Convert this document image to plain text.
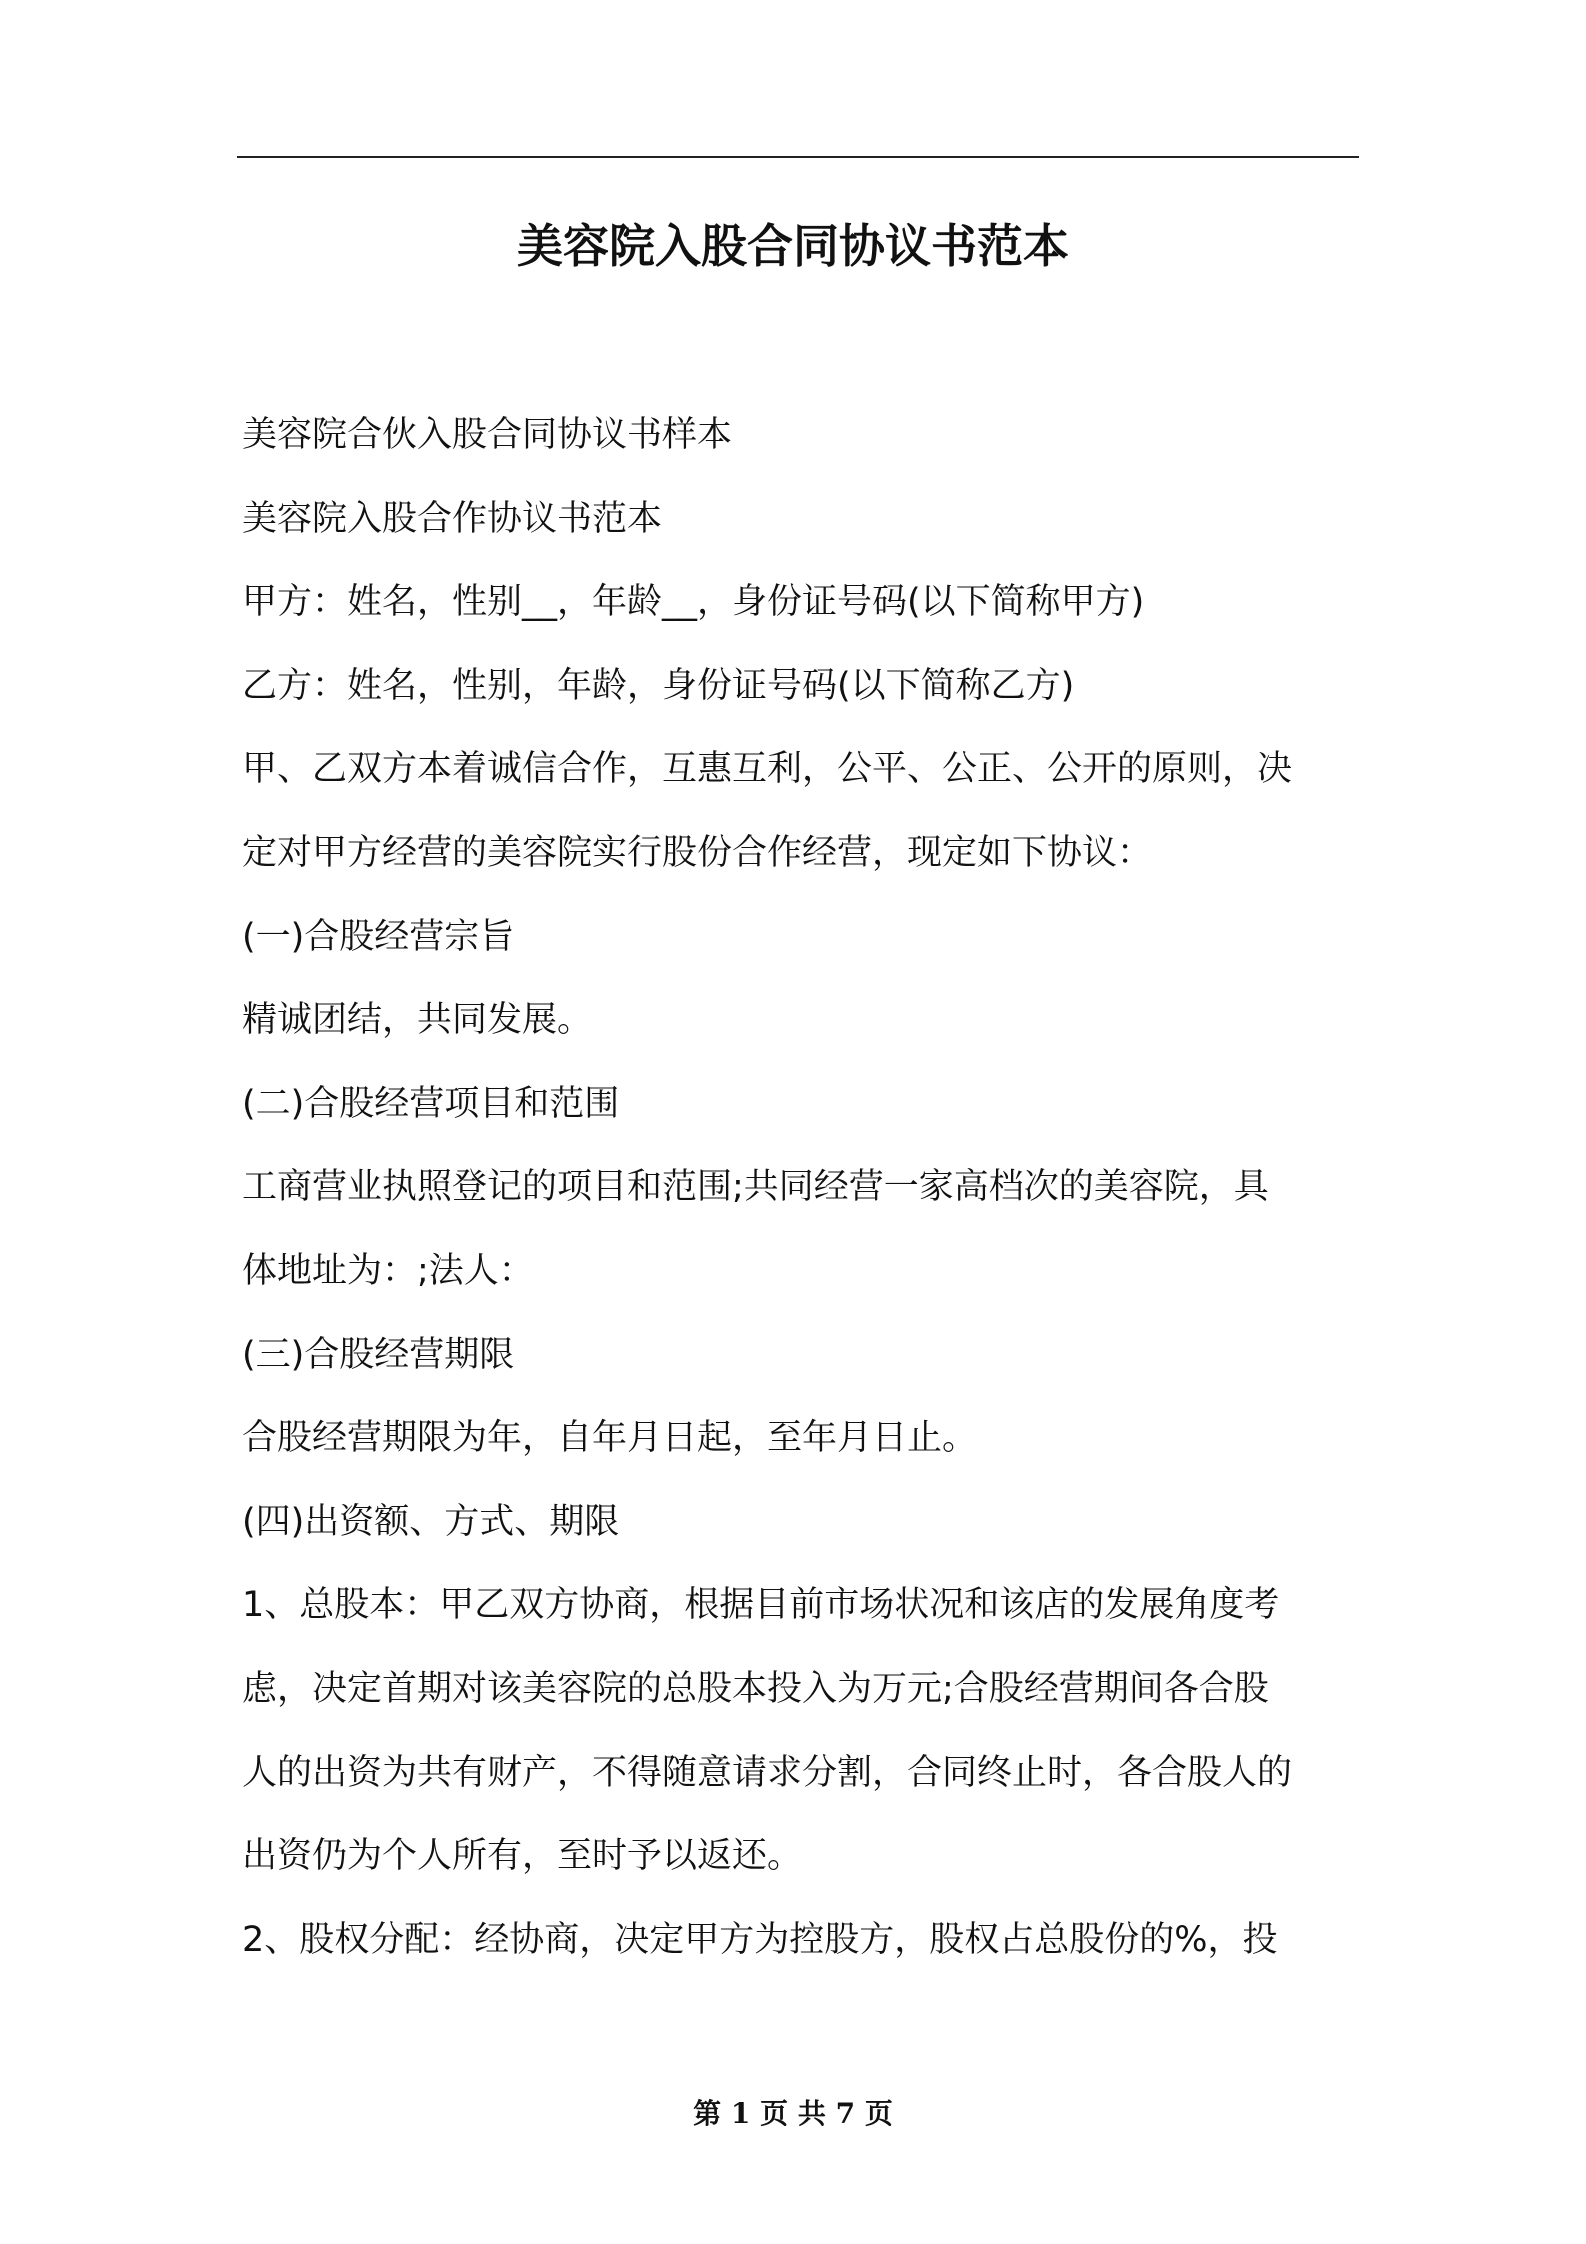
美容院入股合同协议书范本

美容院合伙入股合同协议书样本

美容院入股合作协议书范本

甲方：姓名，性别__，年龄__，身份证号码(以下简称甲方)

乙方：姓名，性别，年龄，身份证号码(以下简称乙方)

甲、乙双方本着诚信合作，互惠互利，公平、公正、公开的原则，决

定对甲方经营的美容院实行股份合作经营，现定如下协议：

(一)合股经营宗旨

精诚团结，共同发展。

(二)合股经营项目和范围

工商营业执照登记的项目和范围;共同经营一家高档次的美容院，具

体地址为：;法人：

(三)合股经营期限

合股经营期限为年，自年月日起，至年月日止。

(四)出资额、方式、期限

1、总股本：甲乙双方协商，根据目前市场状况和该店的发展角度考

虑，决定首期对该美容院的总股本投入为万元;合股经营期间各合股

人的出资为共有财产，不得随意请求分割，合同终止时，各合股人的

出资仍为个人所有，至时予以返还。

2、股权分配：经协商，决定甲方为控股方，股权占总股份的%，投

第 1 页 共 7 页
